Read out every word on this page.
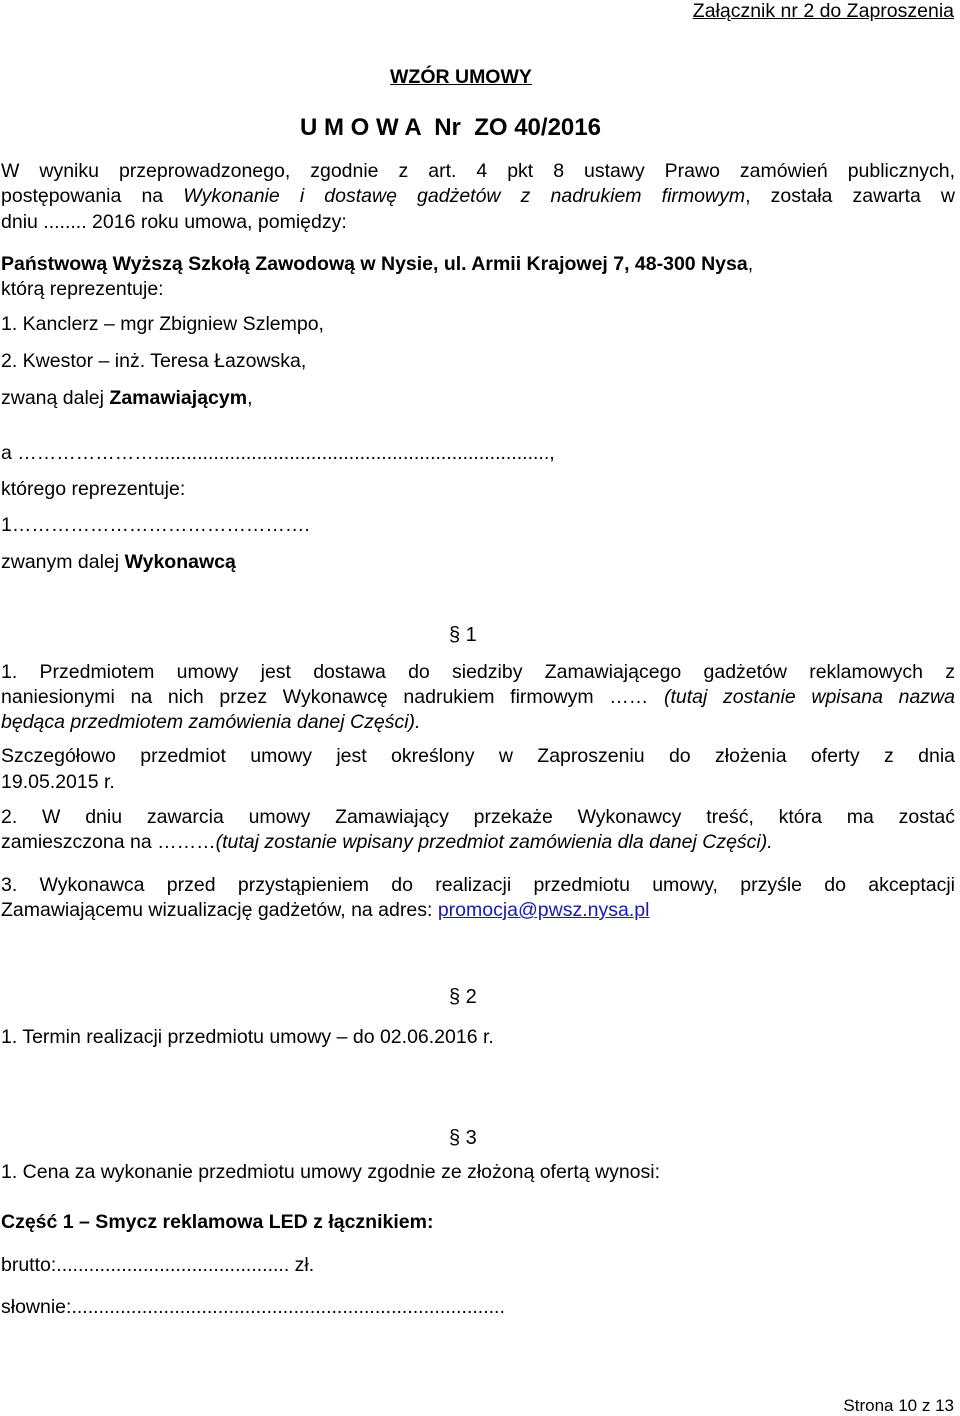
Załącznik nr 2 do Zaproszenia
WZÓR UMOWY
U M O W A  Nr  ZO 40/2016
W wyniku przeprowadzonego, zgodnie z art. 4 pkt 8 ustawy Prawo zamówień publicznych,
postępowania na Wykonanie i dostawę gadżetów z nadrukiem firmowym, została zawarta w
dniu ........ 2016 roku umowa, pomiędzy:
Państwową Wyższą Szkołą Zawodową w Nysie, ul. Armii Krajowej 7, 48-300 Nysa,
którą reprezentuje:
1. Kanclerz – mgr Zbigniew Szlempo,
2. Kwestor – inż. Teresa Łazowska,
zwaną dalej Zamawiającym,
a ………………….........................................................................,
którego reprezentuje:
1……………………………………….
zwanym dalej Wykonawcą
§ 1
1. Przedmiotem umowy jest dostawa do siedziby Zamawiającego gadżetów reklamowych z
naniesionymi na nich przez Wykonawcę nadrukiem firmowym …… (tutaj zostanie wpisana nazwa
będąca przedmiotem zamówienia danej Części).
Szczegółowo przedmiot umowy jest określony w Zaproszeniu do złożenia oferty z dnia
19.05.2015 r.
2. W dniu zawarcia umowy Zamawiający przekaże Wykonawcy treść, która ma zostać
zamieszczona na ………(tutaj zostanie wpisany przedmiot zamówienia dla danej Części).
3. Wykonawca przed przystąpieniem do realizacji przedmiotu umowy, przyśle do akceptacji
Zamawiającemu wizualizację gadżetów, na adres: promocja@pwsz.nysa.pl
§ 2
1. Termin realizacji przedmiotu umowy – do 02.06.2016 r.
§ 3
1. Cena za wykonanie przedmiotu umowy zgodnie ze złożoną ofertą wynosi:
Część 1 – Smycz reklamowa LED z łącznikiem:
brutto:........................................... zł.
słownie:................................................................................
Strona 10 z 13
